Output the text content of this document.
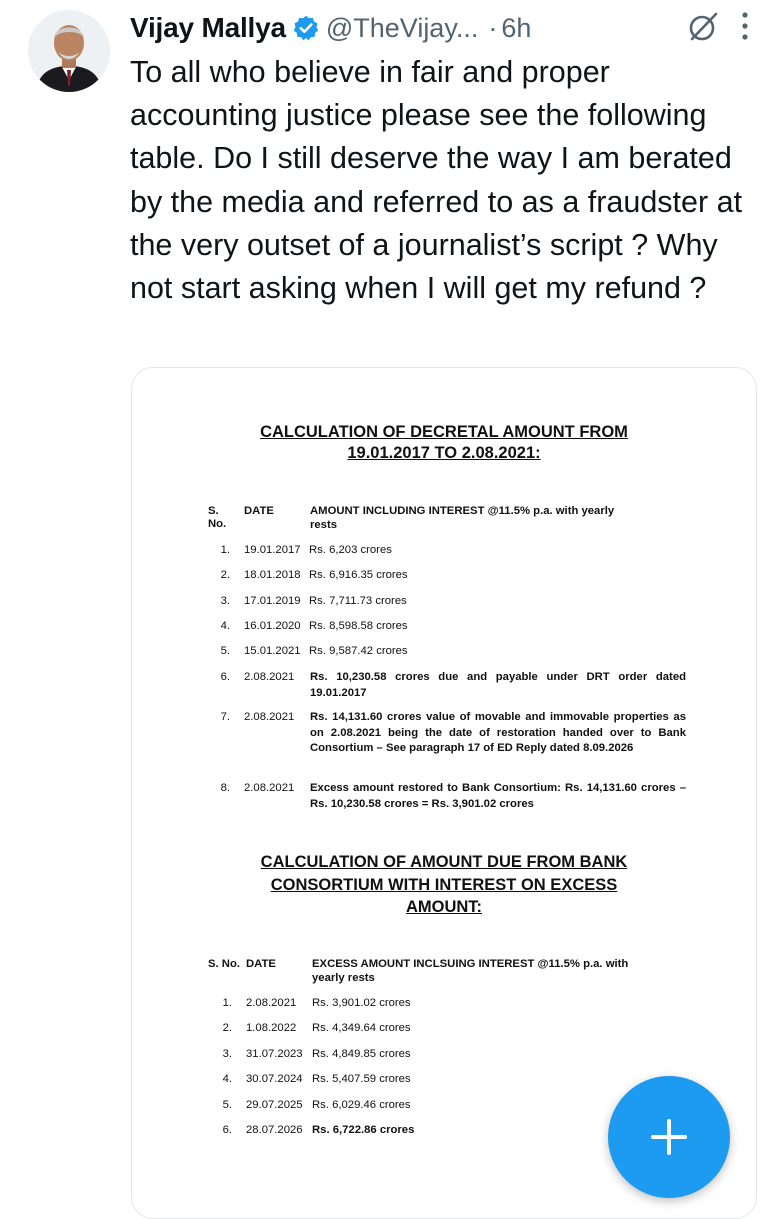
Vijay Mallya @TheVijay... · 6h
To all who believe in fair and proper accounting justice please see the following table. Do I still deserve the way I am berated by the media and referred to as a fraudster at the very outset of a journalist’s script ? Why not start asking when I will get my refund ?
CALCULATION OF DECRETAL AMOUNT FROM
19.01.2017 TO 2.08.2021:
S.
No.
DATE	AMOUNT INCLUDING INTEREST @11.5% p.a. with yearly
rests
1. 19.01.2017 Rs. 6,203 crores
2. 18.01.2018 Rs. 6,916.35 crores
3. 17.01.2019 Rs. 7,711.73 crores
4. 16.01.2020 Rs. 8,598.58 crores
5. 15.01.2021 Rs. 9,587.42 crores
6. 2.08.2021 Rs. 10,230.58 crores due and payable under DRT order dated 19.01.2017
7. 2.08.2021 Rs. 14,131.60 crores value of movable and immovable properties as on 2.08.2021 being the date of restoration handed over to Bank Consortium – See paragraph 17 of ED Reply dated 8.09.2026
8. 2.08.2021 Excess amount restored to Bank Consortium: Rs. 14,131.60 crores – Rs. 10,230.58 crores = Rs. 3,901.02 crores
CALCULATION OF AMOUNT DUE FROM BANK
CONSORTIUM WITH INTEREST ON EXCESS
AMOUNT:
S. No. DATE	EXCESS AMOUNT INCLSUING INTEREST @11.5% p.a. with
yearly rests
1. 2.08.2021 Rs. 3,901.02 crores
2. 1.08.2022 Rs. 4,349.64 crores
3. 31.07.2023 Rs. 4,849.85 crores
4. 30.07.2024 Rs. 5,407.59 crores
5. 29.07.2025 Rs. 6,029.46 crores
6. 28.07.2026 Rs. 6,722.86 crores
